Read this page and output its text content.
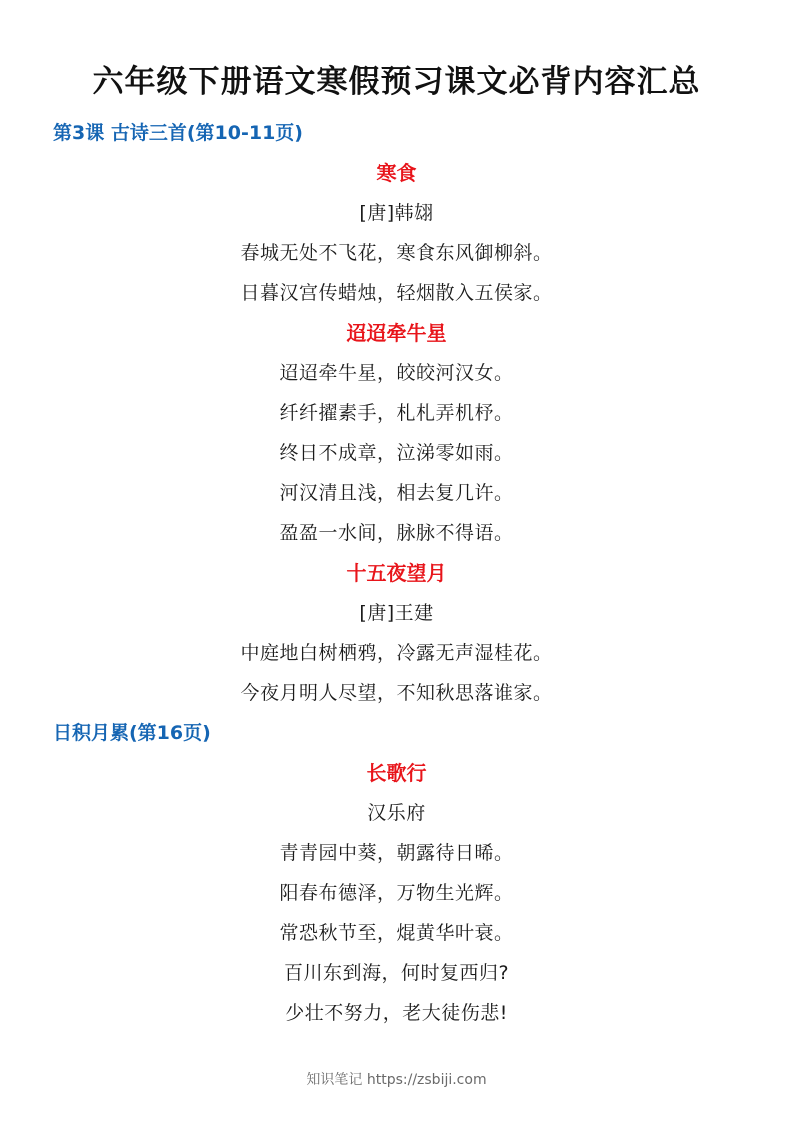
六年级下册语文寒假预习课文必背内容汇总
第3课 古诗三首(第10-11页)
寒食
[唐]韩翃
春城无处不飞花，寒食东风御柳斜。
日暮汉宫传蜡烛，轻烟散入五侯家。
迢迢牵牛星
迢迢牵牛星，皎皎河汉女。
纤纤擢素手，札札弄机杼。
终日不成章，泣涕零如雨。
河汉清且浅，相去复几许。
盈盈一水间，脉脉不得语。
十五夜望月
[唐]王建
中庭地白树栖鸦，冷露无声湿桂花。
今夜月明人尽望，不知秋思落谁家。
日积月累(第16页)
长歌行
汉乐府
青青园中葵，朝露待日晞。
阳春布德泽，万物生光辉。
常恐秋节至，焜黄华叶衰。
百川东到海，何时复西归?
少壮不努力，老大徒伤悲!
知识笔记 https://zsbiji.com
